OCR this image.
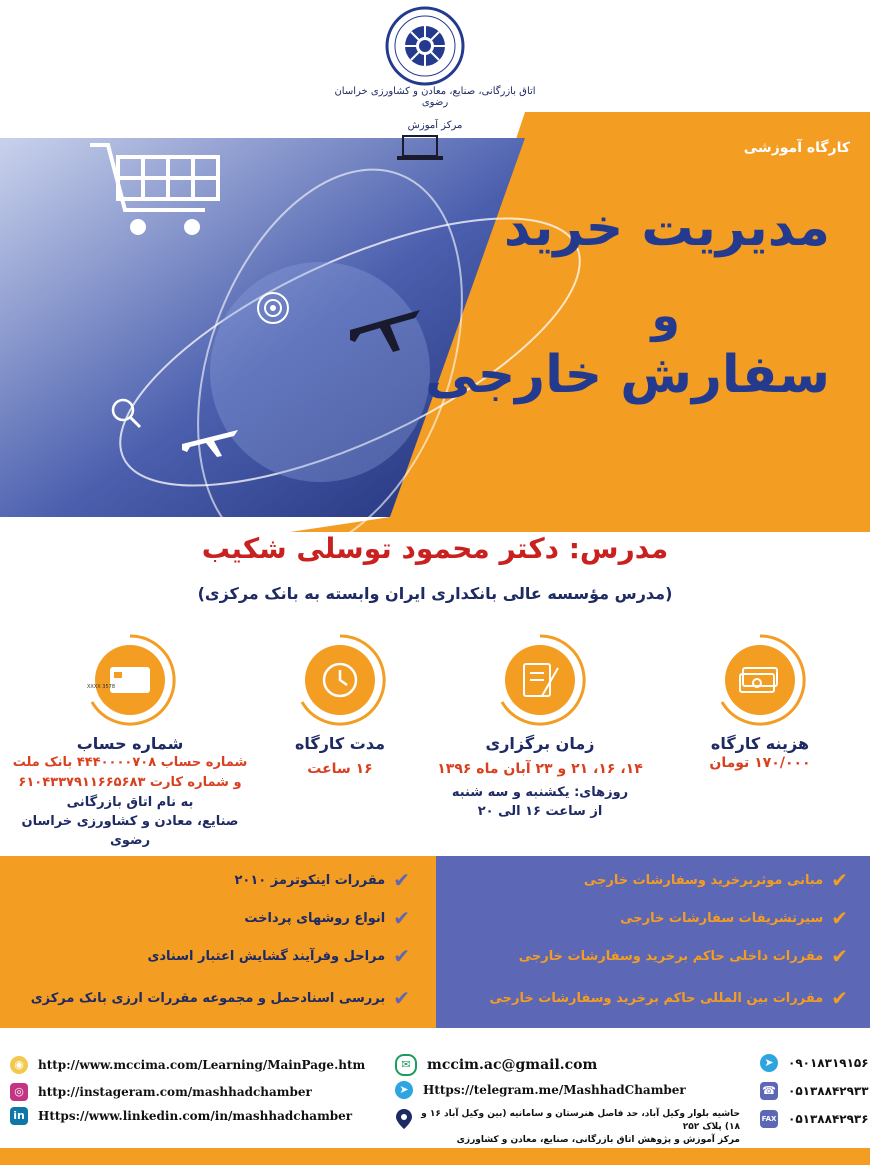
اتاق بازرگانی، صنایع، معادن و کشاورزی خراسان رضوی
مرکز آموزش
کارگاه آموزشی
مدیریت خرید
و
سفارش خارجی
مدرس: دکتر محمود توسلی شکیب
(مدرس مؤسسه عالی بانکداری ایران وابسته به بانک مرکزی)
هزینه کارگاه
۱۷۰/۰۰۰ تومان
زمان برگزاری
۱۴، ۱۶، ۲۱ و ۲۳ آبان ماه ۱۳۹۶
روزهای: یکشنبه و سه شنبه
از ساعت ۱۶ الی ۲۰
مدت کارگاه
۱۶ ساعت
XXXX 3578
شماره حساب
شماره حساب ۴۴۴۰۰۰۰۷۰۸ بانک ملت
و شماره کارت ۶۱۰۴۳۳۷۹۱۱۶۶۵۶۸۳
به نام اتاق بازرگانی
صنایع، معادن و کشاورزی خراسان رضوی
✔
مقررات اینکوترمز ۲۰۱۰
✔
انواع روشهای پرداخت
✔
مراحل وفرآیند گشایش اعتبار اسنادی
✔
بررسی اسنادحمل و مجموعه مقررات ارزی بانک مرکزی
✔
مبانی موثربرخرید وسفارشات خارجی
✔
سیرتشریفات سفارشات خارجی
✔
مقررات داخلی حاکم برخرید وسفارشات خارجی
✔
مقررات بین المللی حاکم برخرید وسفارشات خارجی
◉	http://www.mccima.com/Learning/MainPage.htm
◎	http://instageram.com/mashhadchamber
in Https://www.linkedin.com/in/mashhadchamber
✉	mccim.ac@gmail.com
➤	Https://telegram.me/MashhadChamber
حاشیه بلوار وکیل آباد، حد فاصل هنرستان و سامانیه (بین وکیل آباد ۱۶ و ۱۸) پلاک ۲۵۲
مرکز آموزش و پژوهش اتاق بازرگانی، صنایع، معادن و کشاورزی
➤	۰۹۰۱۸۳۱۹۱۵۶
☎ ۰۵۱۳۸۸۴۲۹۳۳
FAX ۰۵۱۳۸۸۴۲۹۳۶
